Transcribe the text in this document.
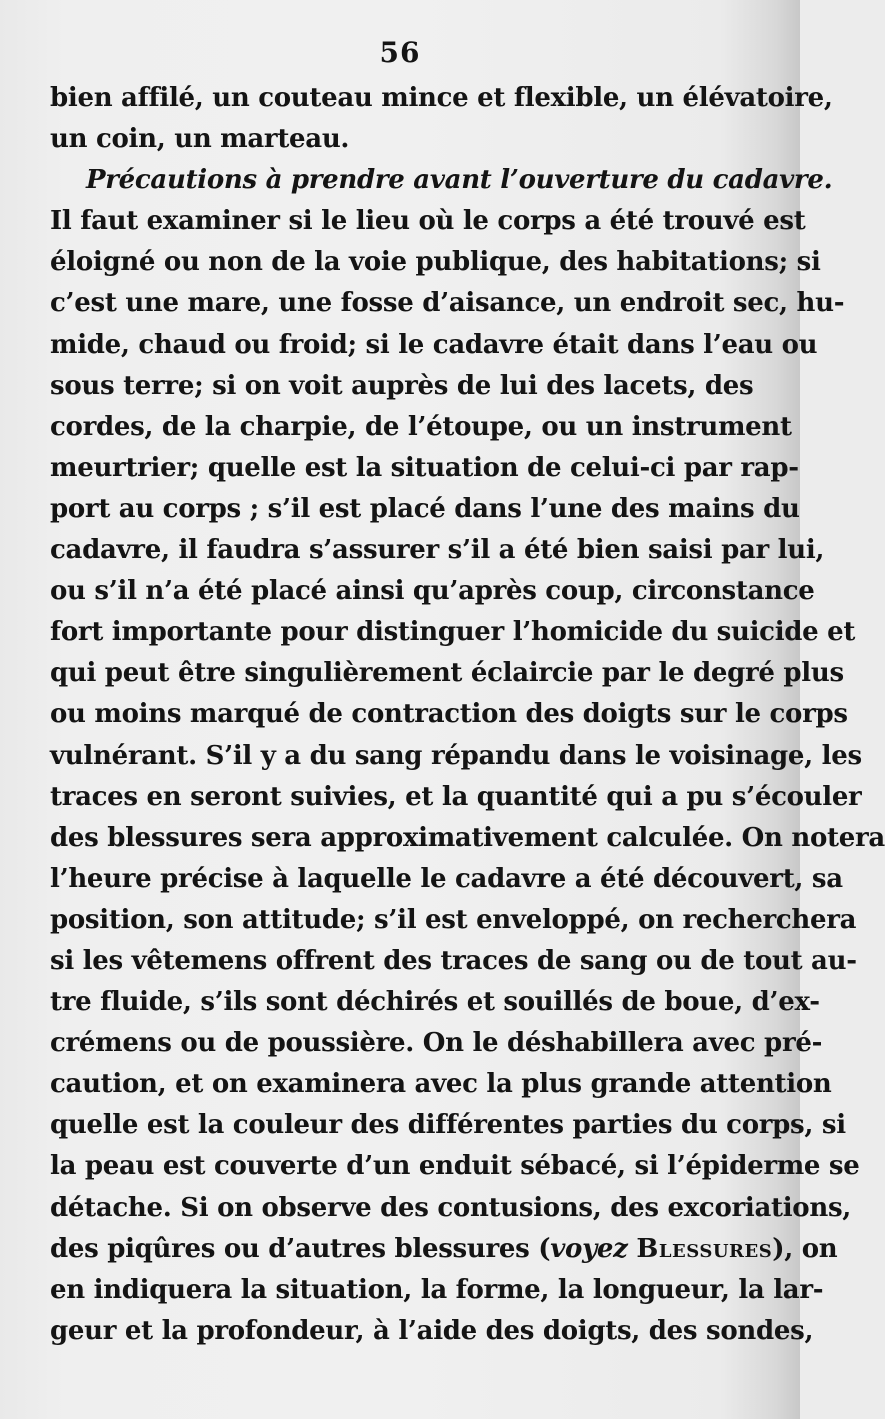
56
bien affilé, un couteau mince et flexible, un élévatoire,
un coin, un marteau.
Précautions à prendre avant l’ouverture du cadavre.
Il faut examiner si le lieu où le corps a été trouvé est
éloigné ou non de la voie publique, des habitations; si
c’est une mare, une fosse d’aisance, un endroit sec, hu-
mide, chaud ou froid; si le cadavre était dans l’eau ou
sous terre; si on voit auprès de lui des lacets, des
cordes, de la charpie, de l’étoupe, ou un instrument
meurtrier; quelle est la situation de celui-ci par rap-
port au corps ; s’il est placé dans l’une des mains du
cadavre, il faudra s’assurer s’il a été bien saisi par lui,
ou s’il n’a été placé ainsi qu’après coup, circonstance
fort importante pour distinguer l’homicide du suicide et
qui peut être singulièrement éclaircie par le degré plus
ou moins marqué de contraction des doigts sur le corps
vulnérant. S’il y a du sang répandu dans le voisinage, les
traces en seront suivies, et la quantité qui a pu s’écouler
des blessures sera approximativement calculée. On notera
l’heure précise à laquelle le cadavre a été découvert, sa
position, son attitude; s’il est enveloppé, on recherchera
si les vêtemens offrent des traces de sang ou de tout au-
tre fluide, s’ils sont déchirés et souillés de boue, d’ex-
crémens ou de poussière. On le déshabillera avec pré-
caution, et on examinera avec la plus grande attention
quelle est la couleur des différentes parties du corps, si
la peau est couverte d’un enduit sébacé, si l’épiderme se
détache. Si on observe des contusions, des excoriations,
des piqûres ou d’autres blessures (voyez Blessures), on
en indiquera la situation, la forme, la longueur, la lar-
geur et la profondeur, à l’aide des doigts, des sondes,
